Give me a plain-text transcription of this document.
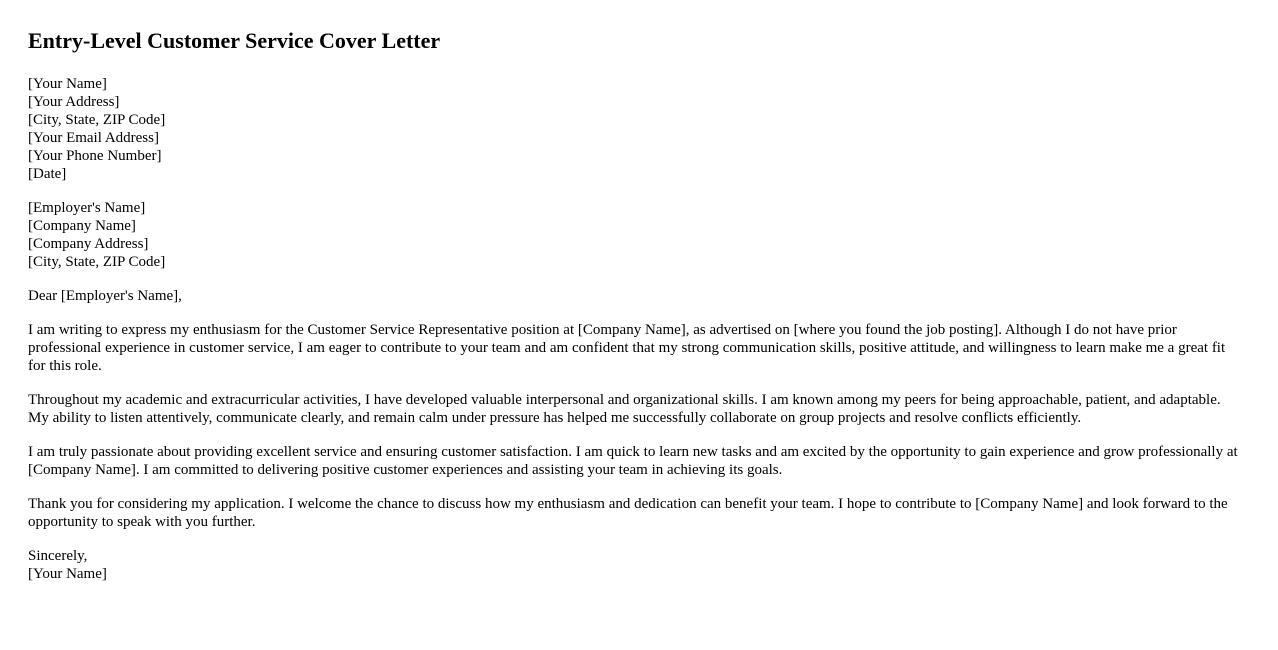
Entry-Level Customer Service Cover Letter
[Your Name]
[Your Address]
[City, State, ZIP Code]
[Your Email Address]
[Your Phone Number]
[Date]
[Employer's Name]
[Company Name]
[Company Address]
[City, State, ZIP Code]

Dear [Employer's Name],

I am writing to express my enthusiasm for the Customer Service Representative position at [Company Name], as advertised on [where you found the job posting]. Although I do not have prior professional experience in customer service, I am eager to contribute to your team and am confident that my strong communication skills, positive attitude, and willingness to learn make me a great fit for this role.

Throughout my academic and extracurricular activities, I have developed valuable interpersonal and organizational skills. I am known among my peers for being approachable, patient, and adaptable. My ability to listen attentively, communicate clearly, and remain calm under pressure has helped me successfully collaborate on group projects and resolve conflicts efficiently.

I am truly passionate about providing excellent service and ensuring customer satisfaction. I am quick to learn new tasks and am excited by the opportunity to gain experience and grow professionally at [Company Name]. I am committed to delivering positive customer experiences and assisting your team in achieving its goals.

Thank you for considering my application. I welcome the chance to discuss how my enthusiasm and dedication can benefit your team. I hope to contribute to [Company Name] and look forward to the opportunity to speak with you further.

Sincerely,
[Your Name]
